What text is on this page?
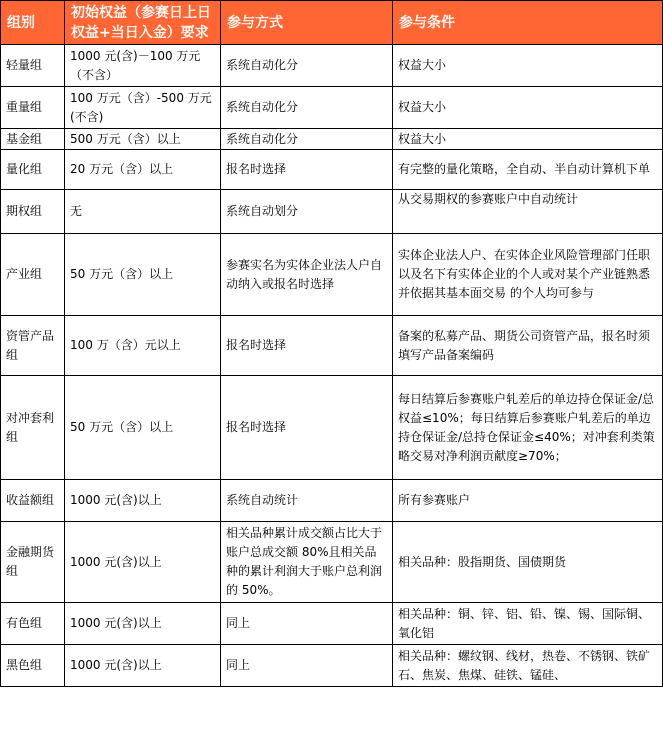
组别	初始权益（参赛日上日权益+当日入金）要求	参与方式	参与条件
轻量组	1000 元(含)－100 万元（不含）	系统自动化分	权益大小
重量组	100 万元（含）-500 万元(不含)	系统自动化分	权益大小
基金组	500 万元（含）以上	系统自动化分	权益大小
量化组	20 万元（含）以上	报名时选择	有完整的量化策略，全自动、半自动计算机下单
期权组	无	系统自动划分	从交易期权的参赛账户中自动统计
产业组	50 万元（含）以上	参赛实名为实体企业法人户自动纳入或报名时选择	实体企业法人户、在实体企业风险管理部门任职以及名下有实体企业的个人或对某个产业链熟悉并依据其基本面交易 的个人均可参与
资管产品组	100 万（含）元以上	报名时选择	备案的私募产品、期货公司资管产品，报名时须填写产品备案编码
对冲套利组	50 万元（含）以上	报名时选择	每日结算后参赛账户轧差后的单边持仓保证金/总权益≤10%；每日结算后参赛账户轧差后的单边持仓保证金/总持仓保证金≤40%；对冲套利类策略交易对净利润贡献度≥70%；
收益额组	1000 元(含)以上	系统自动统计	所有参赛账户
金融期货组	1000 元(含)以上	相关品种累计成交额占比大于账户总成交额 80%且相关品种的累计利润大于账户总利润的 50%。	相关品种：股指期货、国债期货
有色组	1000 元(含)以上	同上	相关品种：铜、锌、铝、铅、镍、锡、国际铜、氧化铝
黑色组	1000 元(含)以上	同上	相关品种：螺纹钢、线材，热卷、不锈钢、铁矿石、焦炭、焦煤、硅铁、锰硅、
